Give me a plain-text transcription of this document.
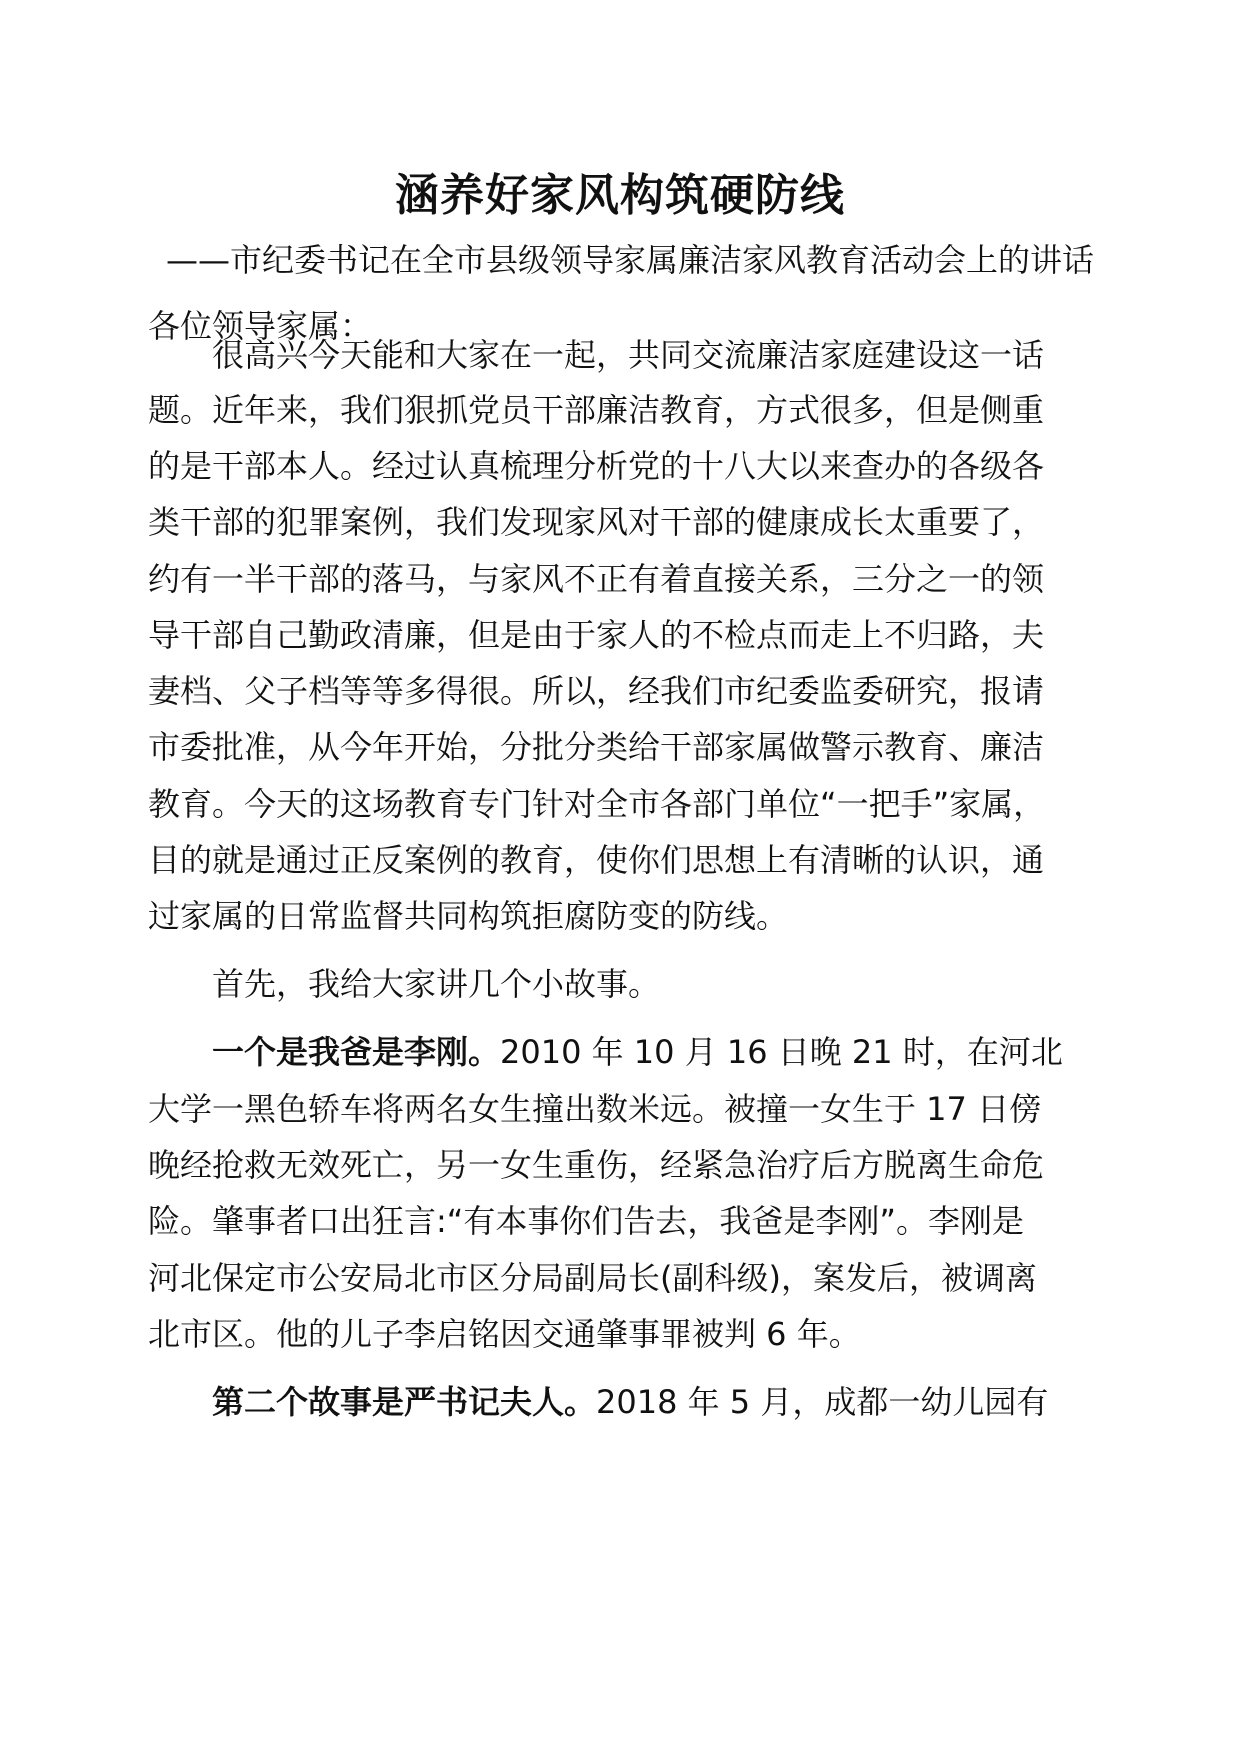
涵养好家风构筑硬防线

——市纪委书记在全市县级领导家属廉洁家风教育活动会上的讲话

各位领导家属：

很高兴今天能和大家在一起，共同交流廉洁家庭建设这一话

题。近年来，我们狠抓党员干部廉洁教育，方式很多，但是侧重

的是干部本人。经过认真梳理分析党的十八大以来查办的各级各

类干部的犯罪案例，我们发现家风对干部的健康成长太重要了，

约有一半干部的落马，与家风不正有着直接关系，三分之一的领

导干部自己勤政清廉，但是由于家人的不检点而走上不归路，夫

妻档、父子档等等多得很。所以，经我们市纪委监委研究，报请

市委批准，从今年开始，分批分类给干部家属做警示教育、廉洁

教育。今天的这场教育专门针对全市各部门单位“一把手”家属，

目的就是通过正反案例的教育，使你们思想上有清晰的认识，通

过家属的日常监督共同构筑拒腐防变的防线。

首先，我给大家讲几个小故事。

一个是我爸是李刚。2010 年 10 月 16 日晚 21 时，在河北

大学一黑色轿车将两名女生撞出数米远。被撞一女生于 17 日傍

晚经抢救无效死亡，另一女生重伤，经紧急治疗后方脱离生命危

险。肇事者口出狂言:“有本事你们告去，我爸是李刚”。李刚是

河北保定市公安局北市区分局副局长(副科级)，案发后，被调离

北市区。他的儿子李启铭因交通肇事罪被判 6 年。

第二个故事是严书记夫人。2018 年 5 月，成都一幼儿园有
